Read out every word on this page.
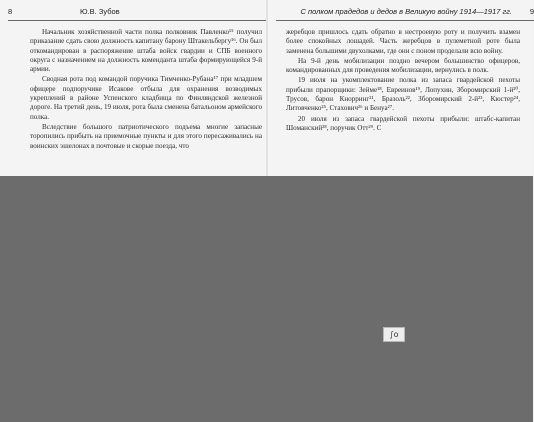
8	Ю.В. Зубов

Начальник хозяйственной части полка полковник Павленко¹⁵ получил приказание сдать свою должность капитану барону Штакельбергу¹⁶. Он был откомандирован в распоряжение штаба войск гвардии и СПБ военного округа с назначением на должность коменданта штаба формирующейся 9-й армии.

Сводная рота под командой поручика Тимченко-Рубана¹⁷ при младшем офицере подпоручике Исакове отбыла для охранения возводимых укреплений в районе Успенского кладбища по Финляндской железной дороге. На третий день, 19 июля, рота была сменена батальоном армейского полка.

Вследствие большого патриотического подъема многие запасные торопились прибыть на приемочные пункты и для этого пересаживались на воинских эшелонах в почтовые и скорые поезда, что

С полком прадедов и дедов в Великую войну 1914—1917 гг. 9

жеребцов пришлось сдать обратно в нестроевую роту и получить взамен более спокойных лошадей. Часть жеребцов в пулеметной роте была заменена большими двухолками, где они с поном проделали всю войну.

На 9-й день мобилизации поздно вечером большинство офицеров, командированных для проведения мобилизации, вернулись в полк.

19 июля на укомплектование полка из запаса гвардейской пехоты прибыли прапорщики: Зейме¹⁸, Евреинов¹⁹, Лопухин, Зборомирский 1-й²⁰, Трусов, барон Кнорринг²¹, Бразоль²², Зборомирский 2-й²³, Кюстер²⁴, Литовченко²⁵, Стахович²⁶ и Бенуа²⁷.

20 июля из запаса гвардейской пехоты прибыли: штабс-капитан Шоманский²⁸, поручик Отт²⁹. С

∫о
